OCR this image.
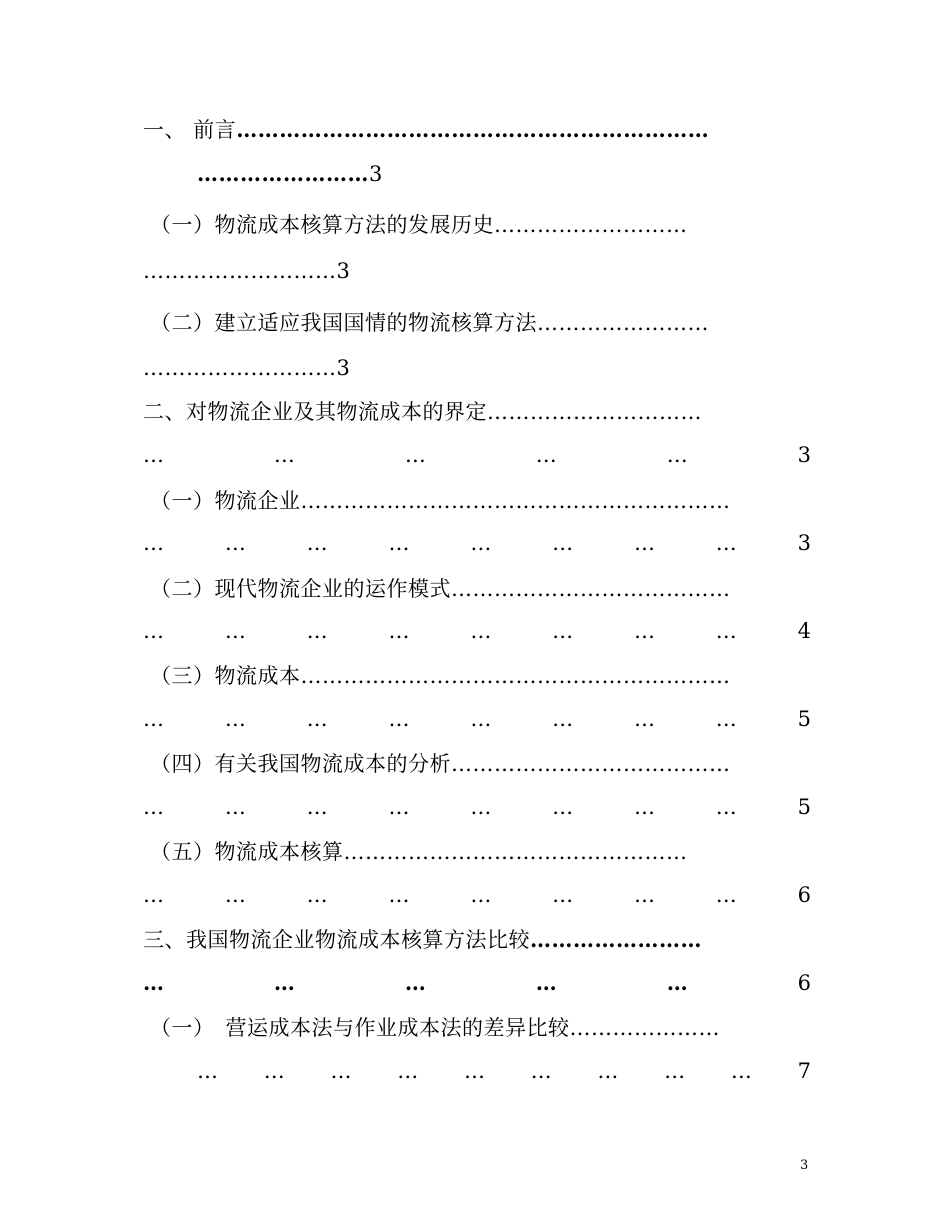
一、 前言…………………………………………………………
……………………3
（一）物流成本核算方法的发展历史………………………
………………………3
（二）建立适应我国国情的物流核算方法……………………
………………………3
二、对物流企业及其物流成本的界定…………………………
…	…	…	…	…	3
（一）物流企业……………………………………………………
…	…	…	…	…	…	…	…	3
（二）现代物流企业的运作模式…………………………………
…	…	…	…	…	…	…	…	4
（三）物流成本……………………………………………………
…	…	…	…	…	…	…	…	5
（四）有关我国物流成本的分析…………………………………
…	…	…	…	…	…	…	…	5
（五）物流成本核算…………………………………………
…	…	…	…	…	…	…	…	6
三、我国物流企业物流成本核算方法比较……………………
…	…	…	…	…	6
（一）　营运成本法与作业成本法的差异比较…………………
… … … … … … … … … 7
3
